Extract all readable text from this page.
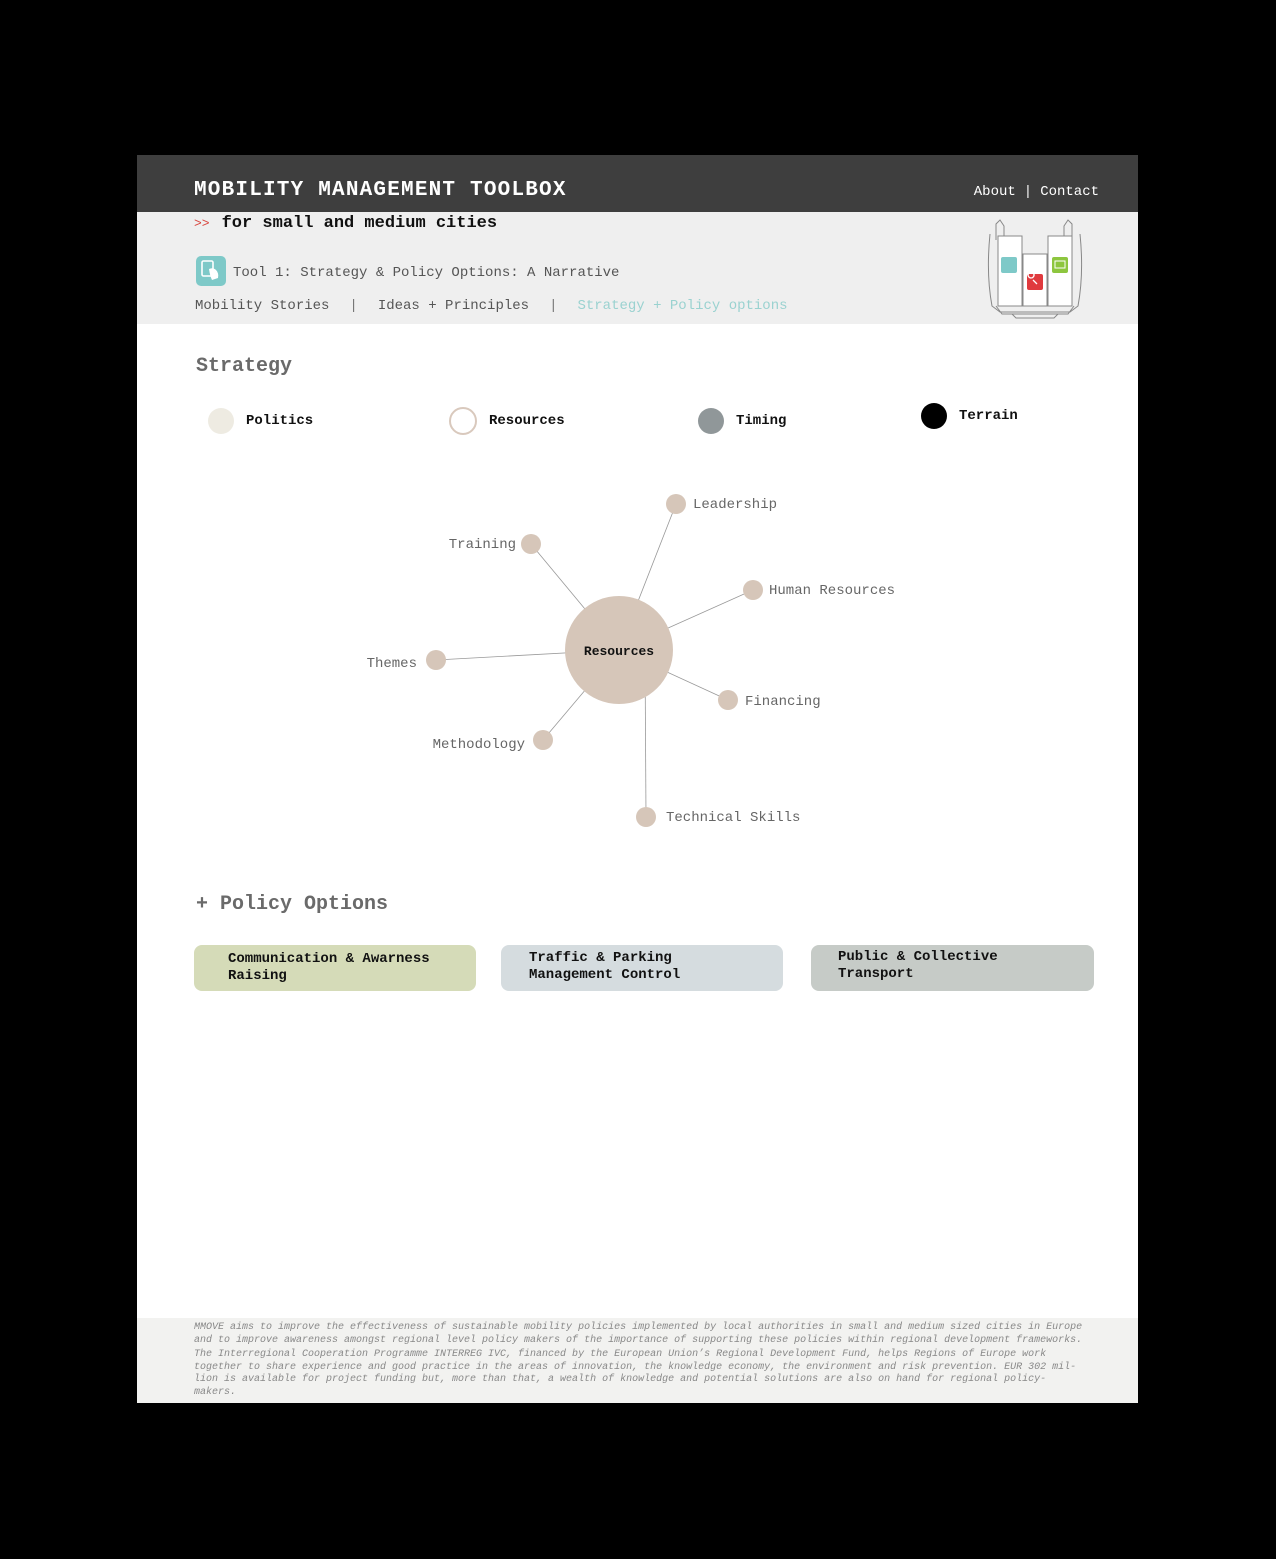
MOBILITY MANAGEMENT TOOLBOX	About | Contact
>> for small and medium cities
Tool 1: Strategy & Policy Options: A Narrative
Mobility Stories | Ideas + Principles | Strategy + Policy options
Strategy
Politics	Resources	Timing	Terrain
Leadership
Training
Human Resources
Themes
Financing
Methodology
Technical Skills
Resources
+ Policy Options
Communication & Awarness
Raising
Traffic & Parking
Management Control
Public & Collective
Transport

MMOVE aims to improve the effectiveness of sustainable mobility policies implemented by local authorities in small and medium sized cities in Europe
and to improve awareness amongst regional level policy makers of the importance of supporting these policies within regional development frameworks.

The Interregional Cooperation Programme INTERREG IVC, financed by the European Union’s Regional Development Fund, helps Regions of Europe work
together to share experience and good practice in the areas of innovation, the knowledge economy, the environment and risk prevention. EUR 302 mil-
lion is available for project funding but, more than that, a wealth of knowledge and potential solutions are also on hand for regional policy-
makers.
